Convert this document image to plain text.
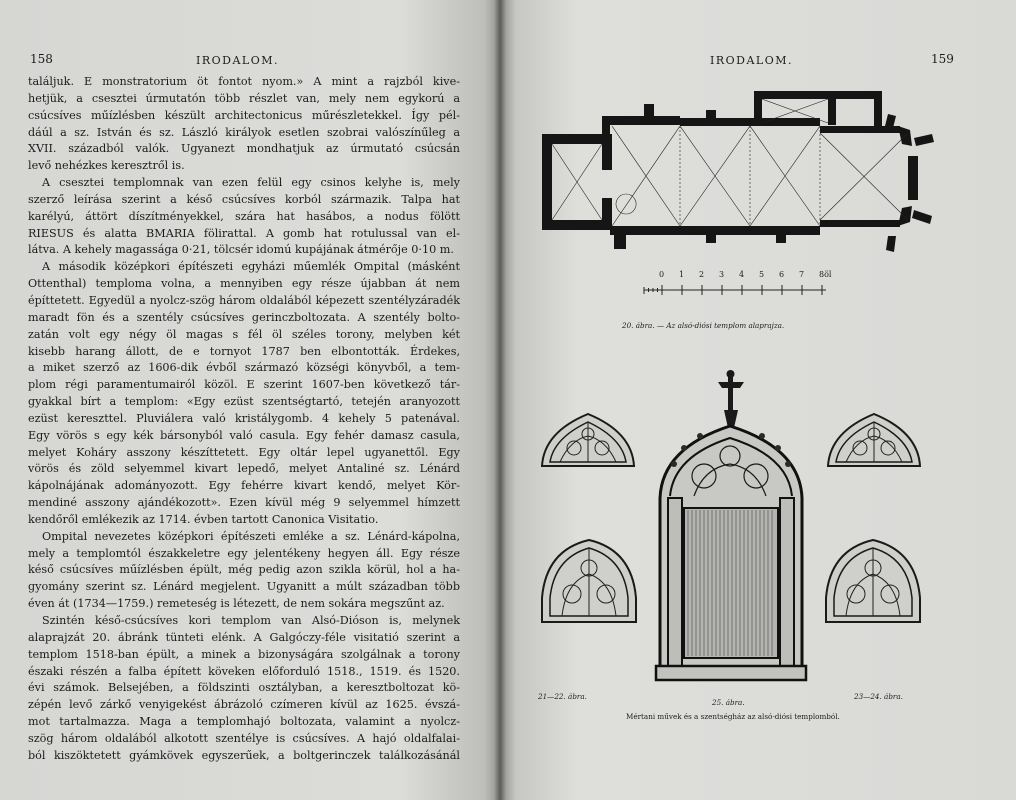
158	IRODALOM.
találjuk. E monstratorium öt fontot nyom.» A mint a rajzból kive-
hetjük, a csesztei úrmutatón több részlet van, mely nem egykorú a
csúcsíves műízlésben készült architectonicus műrészletekkel. Így pél-
dáúl a sz. István és sz. László királyok esetlen szobrai valószínűleg a
XVII. századból valók. Ugyanezt mondhatjuk az úrmutató csúcsán
levő nehézkes keresztről is.
A csesztei templomnak van ezen felül egy csinos kelyhe is, mely
szerző leírása szerint a késő csúcsíves korból származik. Talpa hat
karélyú, áttört díszítményekkel, szára hat hasábos, a nodus fölött
RIESUS és alatta BMARIA fölirattal. A gomb hat rotulussal van el-
látva. A kehely magassága 0·21, tölcsér idomú kupájának átmérője 0·10 m.
A második középkori építészeti egyházi műemlék Ompital (másként
Ottenthal) temploma volna, a mennyiben egy része újabban át nem
építtetett. Egyedül a nyolcz-szög három oldalából képezett szentélyzáradék
maradt fön és a szentély csúcsíves gerinczboltozata. A szentély bolto-
zatán volt egy négy öl magas s fél öl széles torony, melyben két
kisebb harang állott, de e tornyot 1787 ben elbontották. Érdekes,
a miket szerző az 1606-dik évből származó községi könyvből, a tem-
plom régi paramentumairól közöl. E szerint 1607-ben következő tár-
gyakkal bírt a templom: «Egy ezüst szentségtartó, tetején aranyozott
ezüst kereszttel. Pluviálera való kristálygomb. 4 kehely 5 patenával.
Egy vörös s egy kék bársonyból való casula. Egy fehér damasz casula,
melyet Koháry asszony készíttetett. Egy oltár lepel ugyanettől. Egy
vörös és zöld selyemmel kivart lepedő, melyet Antaliné sz. Lénárd
kápolnájának adományozott. Egy fehérre kivart kendő, melyet Kör-
mendiné asszony ajándékozott». Ezen kívül még 9 selyemmel hímzett
kendőről emlékezik az 1714. évben tartott Canonica Visitatio.
Ompital nevezetes középkori építészeti emléke a sz. Lénárd-kápolna,
mely a templomtól északkeletre egy jelentékeny hegyen áll. Egy része
késő csúcsíves műízlésben épült, még pedig azon szikla körül, hol a ha-
gyomány szerint sz. Lénárd megjelent. Ugyanitt a múlt században több
éven át (1734—1759.) remeteség is létezett, de nem sokára megszűnt az.
Szintén késő-csúcsíves kori templom van Alsó-Dióson is, melynek
alaprajzát 20. ábránk tünteti elénk. A Galgóczy-féle visitatió szerint a
templom 1518-ban épült, a minek a bizonyságára szolgálnak a torony
északi részén a falba épített köveken előforduló 1518., 1519. és 1520.
évi számok. Belsejében, a földszinti osztályban, a keresztboltozat kö-
zépén levő zárkő venyigekést ábrázoló czímeren kívül az 1625. évszá-
mot tartalmazza. Maga a templomhajó boltozata, valamint a nyolcz-
szög három oldalából alkotott szentélye is csúcsíves. A hajó oldalfalai-
ból kiszöktetett gyámkövek egyszerűek, a boltgerinczek találkozásánál
IRODALOM.	159
0 1 2 3 4 5 6 7 8öl
20. ábra. — Az alsó-diósi templom alaprajza.
21—22. ábra.
25. ábra.
23—24. ábra.
Mértani művek és a szentségház az alsó-diósi templomból.
